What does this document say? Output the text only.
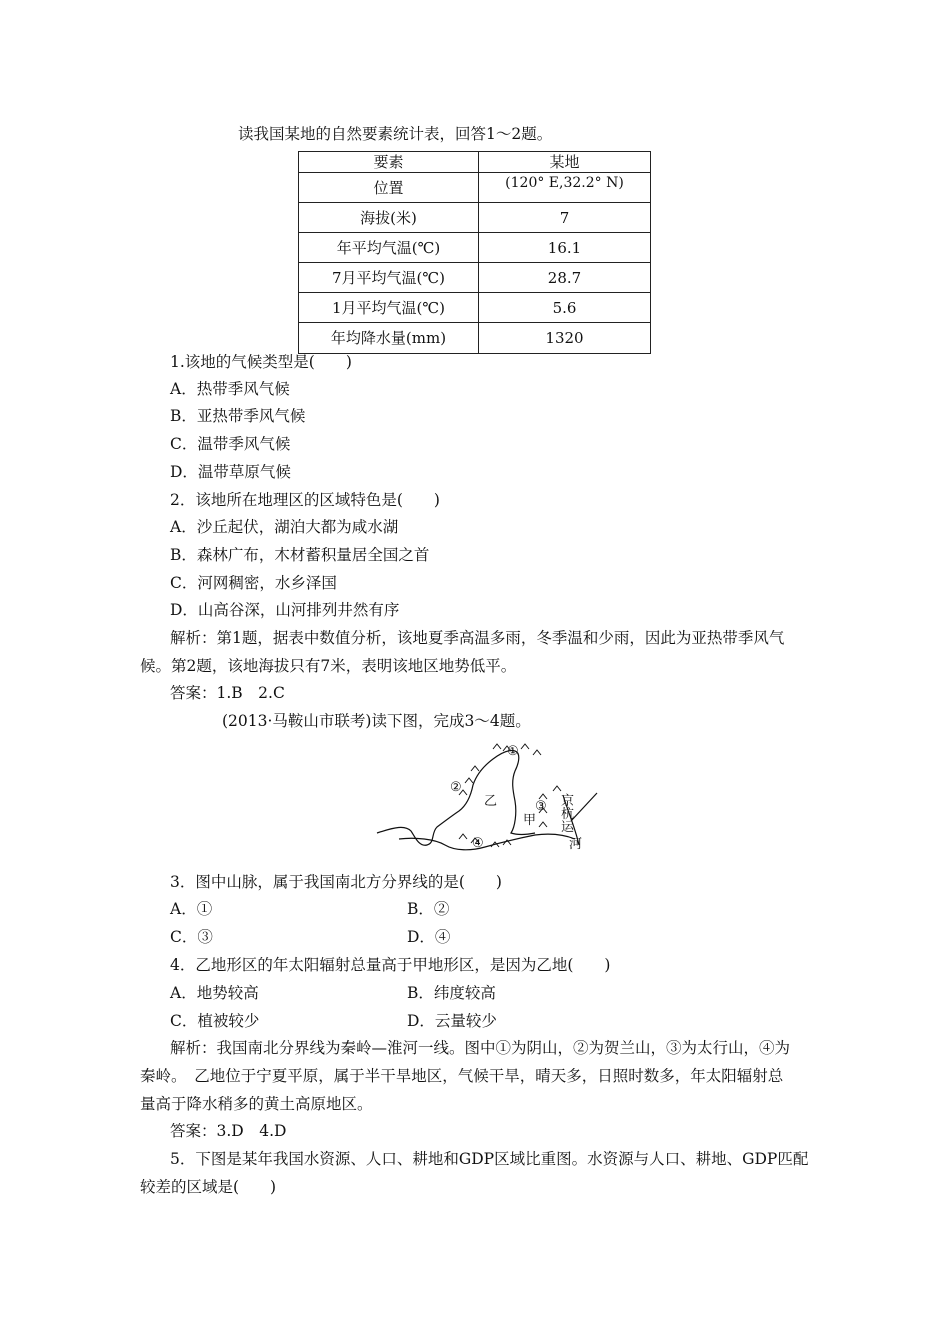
读我国某地的自然要素统计表，回答1～2题。
要素	某地
位置	(120° E,32.2° N)
海拔(米)	7
年平均气温(℃)	16.1
7月平均气温(℃)	28.7
1月平均气温(℃)	5.6
年均降水量(mm)	1320
1.该地的气候类型是(　　)
A．热带季风气候
B．亚热带季风气候
C．温带季风气候
D．温带草原气候
2．该地所在地理区的区域特色是(　　)
A．沙丘起伏，湖泊大都为咸水湖
B．森林广布，木材蓄积量居全国之首
C．河网稠密，水乡泽国
D．山高谷深，山河排列井然有序
解析：第1题，据表中数值分析，该地夏季高温多雨，冬季温和少雨，因此为亚热带季风气
候。第2题，该地海拔只有7米，表明该地区地势低平。
答案：1.B　2.C
(2013·马鞍山市联考)读下图，完成3～4题。
①
②
③
④
乙
甲
京
杭
运
河
3．图中山脉，属于我国南北方分界线的是(　　)
A．①	B．②
C．③	D．④
4．乙地形区的年太阳辐射总量高于甲地形区，是因为乙地(　　)
A．地势较高	B．纬度较高
C．植被较少	D．云量较少
解析：我国南北分界线为秦岭—淮河一线。图中①为阴山，②为贺兰山，③为太行山，④为
秦岭。　乙地位于宁夏平原，属于半干旱地区，气候干旱，晴天多，日照时数多，年太阳辐射总
量高于降水稍多的黄土高原地区。
答案：3.D　4.D
5．下图是某年我国水资源、人口、耕地和GDP区域比重图。水资源与人口、耕地、GDP匹配
较差的区域是(　　)
